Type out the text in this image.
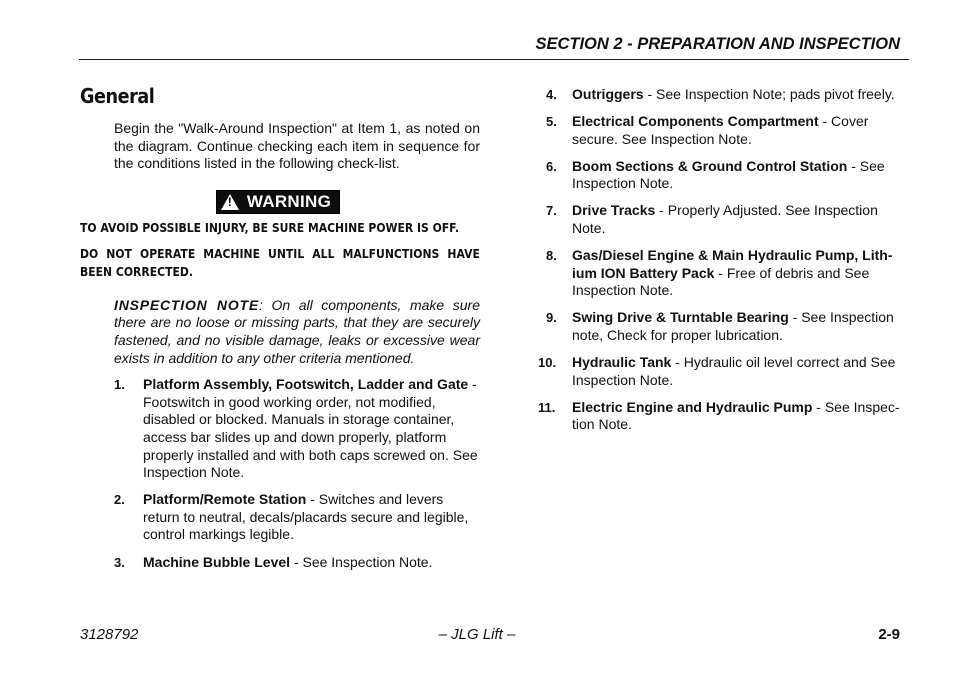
SECTION 2 - PREPARATION AND INSPECTION
General

Begin the "Walk-Around Inspection" at Item 1, as noted on the diagram. Continue checking each item in sequence for the conditions listed in the following check-list.

! WARNING
TO AVOID POSSIBLE INJURY, BE SURE MACHINE POWER IS OFF.
DO NOT OPERATE MACHINE UNTIL ALL MALFUNCTIONS HAVE BEEN CORRECTED.

INSPECTION NOTE: On all components, make sure there are no loose or missing parts, that they are securely fastened, and no visible damage, leaks or excessive wear exists in addition to any other criteria mentioned.

1. Platform Assembly, Footswitch, Ladder and Gate - Footswitch in good working order, not modified, disabled or blocked. Manuals in storage container, access bar slides up and down properly, platform properly installed and with both caps screwed on. See Inspection Note.
2. Platform/Remote Station - Switches and levers return to neutral, decals/placards secure and legible, control markings legible.
3. Machine Bubble Level - See Inspection Note.
4. Outriggers - See Inspection Note; pads pivot freely.
5. Electrical Components Compartment - Cover secure. See Inspection Note.
6. Boom Sections & Ground Control Station - See Inspection Note.
7. Drive Tracks - Properly Adjusted. See Inspection Note.
8. Gas/Diesel Engine & Main Hydraulic Pump, Lith-ium ION Battery Pack - Free of debris and See Inspection Note.
9. Swing Drive & Turntable Bearing - See Inspection note, Check for proper lubrication.
10. Hydraulic Tank - Hydraulic oil level correct and See Inspection Note.
11. Electric Engine and Hydraulic Pump - See Inspec-tion Note.
– JLG Lift –
3128792	2-9
